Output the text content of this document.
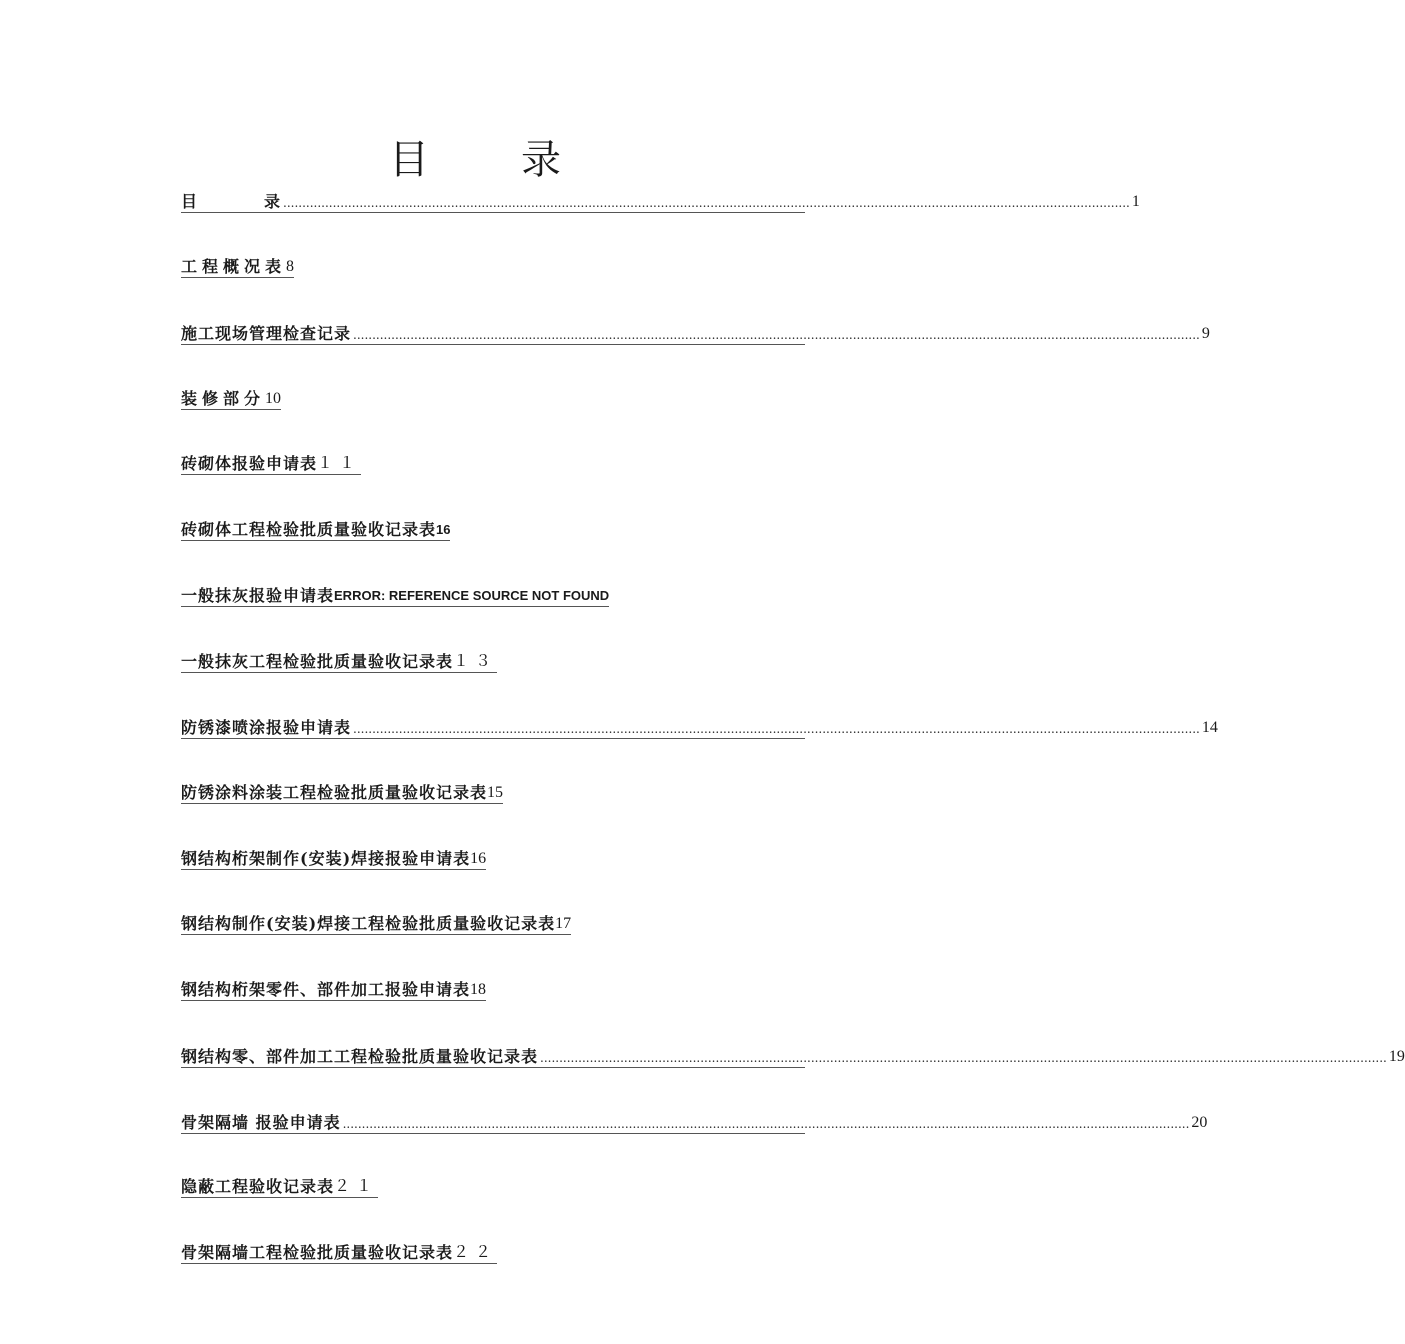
目 录
目	录 .............................................................................................................................................................................................................................. 1
工程概况表 8
施工现场管理检查记录 .............................................................................................................................................................................................................................. 9
装修部分 10
砖砌体报验申请表 １１
砖砌体工程检验批质量验收记录表 16
一般抹灰报验申请表 ERROR: REFERENCE SOURCE NOT FOUND
一般抹灰工程检验批质量验收记录表 １３
防锈漆喷涂报验申请表 .............................................................................................................................................................................................................................. 14
防锈涂料涂装工程检验批质量验收记录表 15
钢结构桁架制作(安装)焊接报验申请表 16
钢结构制作(安装)焊接工程检验批质量验收记录表 17
钢结构桁架零件、部件加工报验申请表 18
钢结构零、部件加工工程检验批质量验收记录表 .............................................................................................................................................................................................................................. 19
骨架隔墙 报验申请表 .............................................................................................................................................................................................................................. 20
隐蔽工程验收记录表 ２１
骨架隔墙工程检验批质量验收记录表 ２２
